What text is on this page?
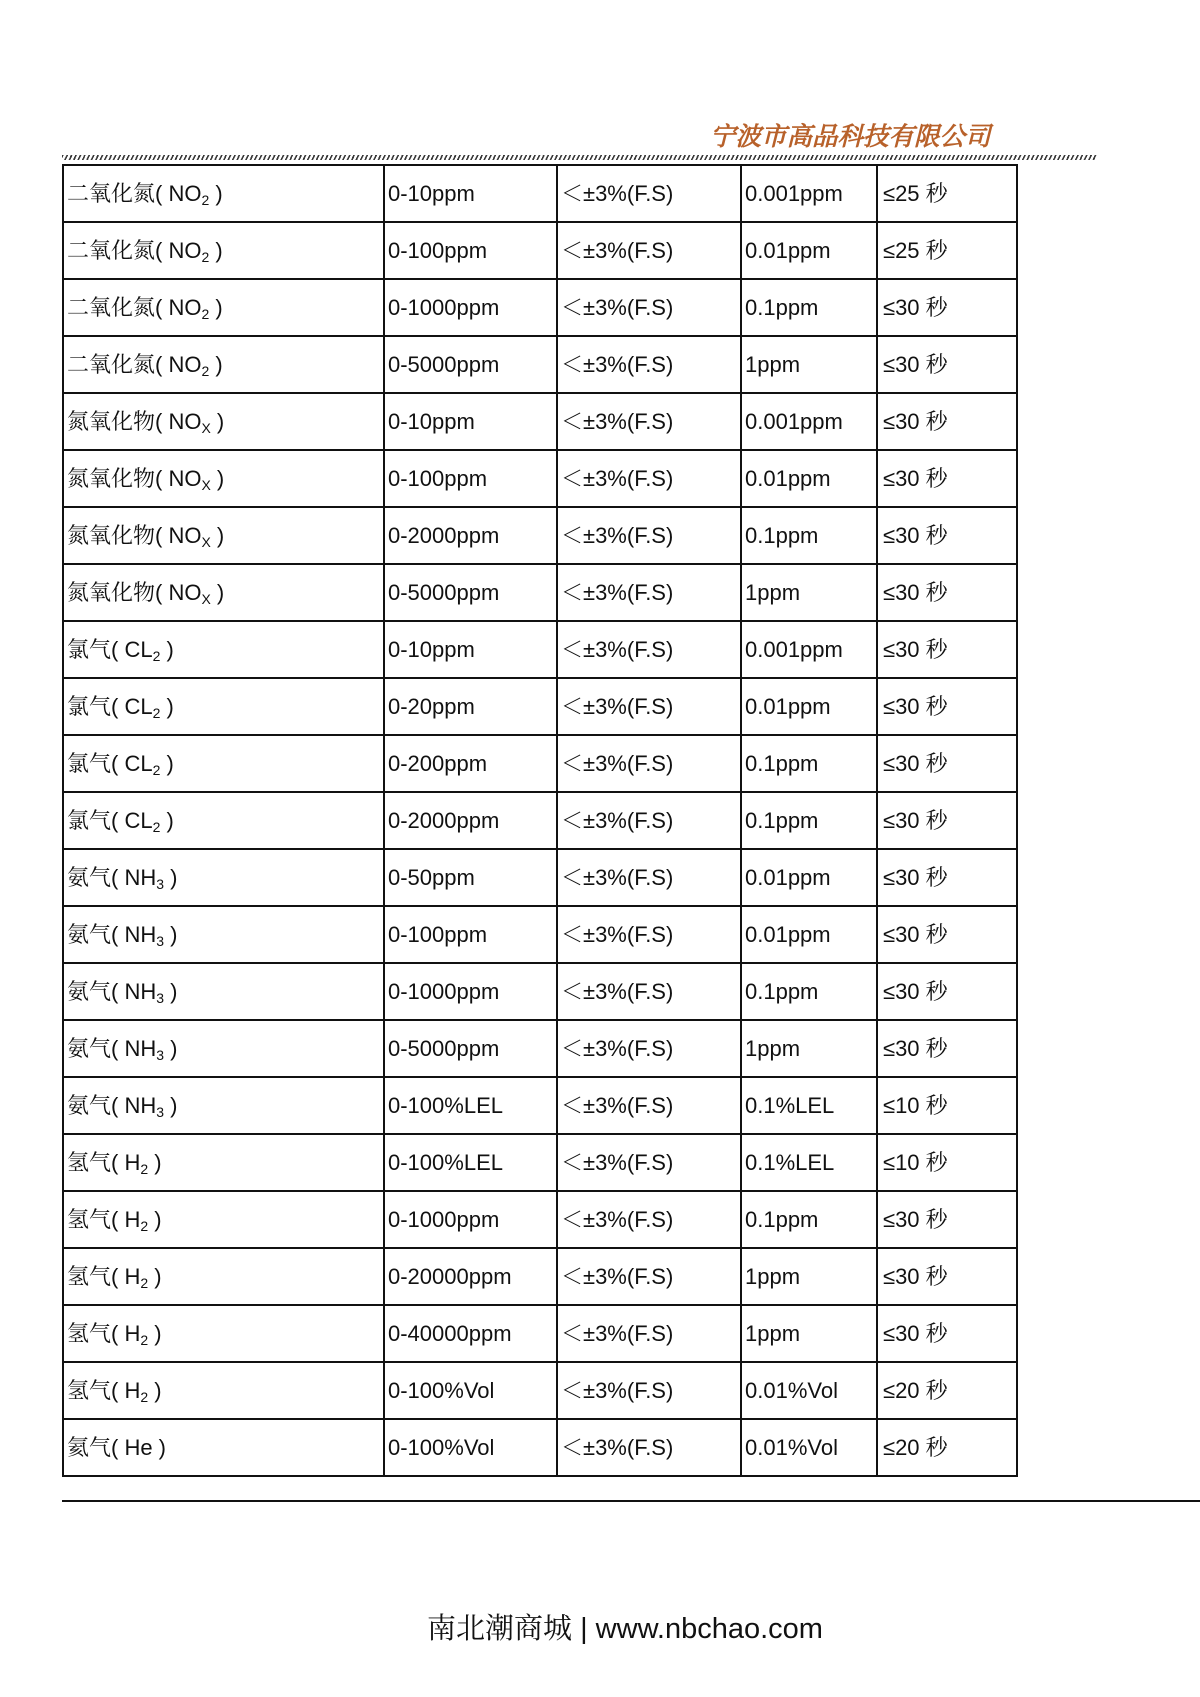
宁波市高品科技有限公司
二氧化氮( $NO_2$ )	0-10ppm	＜±3%(F.S)	0.001ppm	≤25 秒
二氧化氮( $NO_2$ )	0-100ppm	＜±3%(F.S)	0.01ppm	≤25 秒
二氧化氮( $NO_2$ )	0-1000ppm	＜±3%(F.S)	0.1ppm	≤30 秒
二氧化氮( $NO_2$ )	0-5000ppm	＜±3%(F.S)	1ppm	≤30 秒
氮氧化物( $NO_X$ )	0-10ppm	＜±3%(F.S)	0.001ppm	≤30 秒
氮氧化物( $NO_X$ )	0-100ppm	＜±3%(F.S)	0.01ppm	≤30 秒
氮氧化物( $NO_X$ )	0-2000ppm	＜±3%(F.S)	0.1ppm	≤30 秒
氮氧化物( $NO_X$ )	0-5000ppm	＜±3%(F.S)	1ppm	≤30 秒
氯气( $CL_2$ )	0-10ppm	＜±3%(F.S)	0.001ppm	≤30 秒
氯气( $CL_2$ )	0-20ppm	＜±3%(F.S)	0.01ppm	≤30 秒
氯气( $CL_2$ )	0-200ppm	＜±3%(F.S)	0.1ppm	≤30 秒
氯气( $CL_2$ )	0-2000ppm	＜±3%(F.S)	0.1ppm	≤30 秒
氨气( $NH_3$ )	0-50ppm	＜±3%(F.S)	0.01ppm	≤30 秒
氨气( $NH_3$ )	0-100ppm	＜±3%(F.S)	0.01ppm	≤30 秒
氨气( $NH_3$ )	0-1000ppm	＜±3%(F.S)	0.1ppm	≤30 秒
氨气( $NH_3$ )	0-5000ppm	＜±3%(F.S)	1ppm	≤30 秒
氨气( $NH_3$ )	0-100%LEL	＜±3%(F.S)	0.1%LEL	≤10 秒
氢气( $H_2$ )	0-100%LEL	＜±3%(F.S)	0.1%LEL	≤10 秒
氢气( $H_2$ )	0-1000ppm	＜±3%(F.S)	0.1ppm	≤30 秒
氢气( $H_2$ )	0-20000ppm	＜±3%(F.S)	1ppm	≤30 秒
氢气( $H_2$ )	0-40000ppm	＜±3%(F.S)	1ppm	≤30 秒
氢气( $H_2$ )	0-100%Vol	＜±3%(F.S)	0.01%Vol	≤20 秒
氦气( He )	0-100%Vol	＜±3%(F.S)	0.01%Vol	≤20 秒
南北潮商城 | www.nbchao.com
